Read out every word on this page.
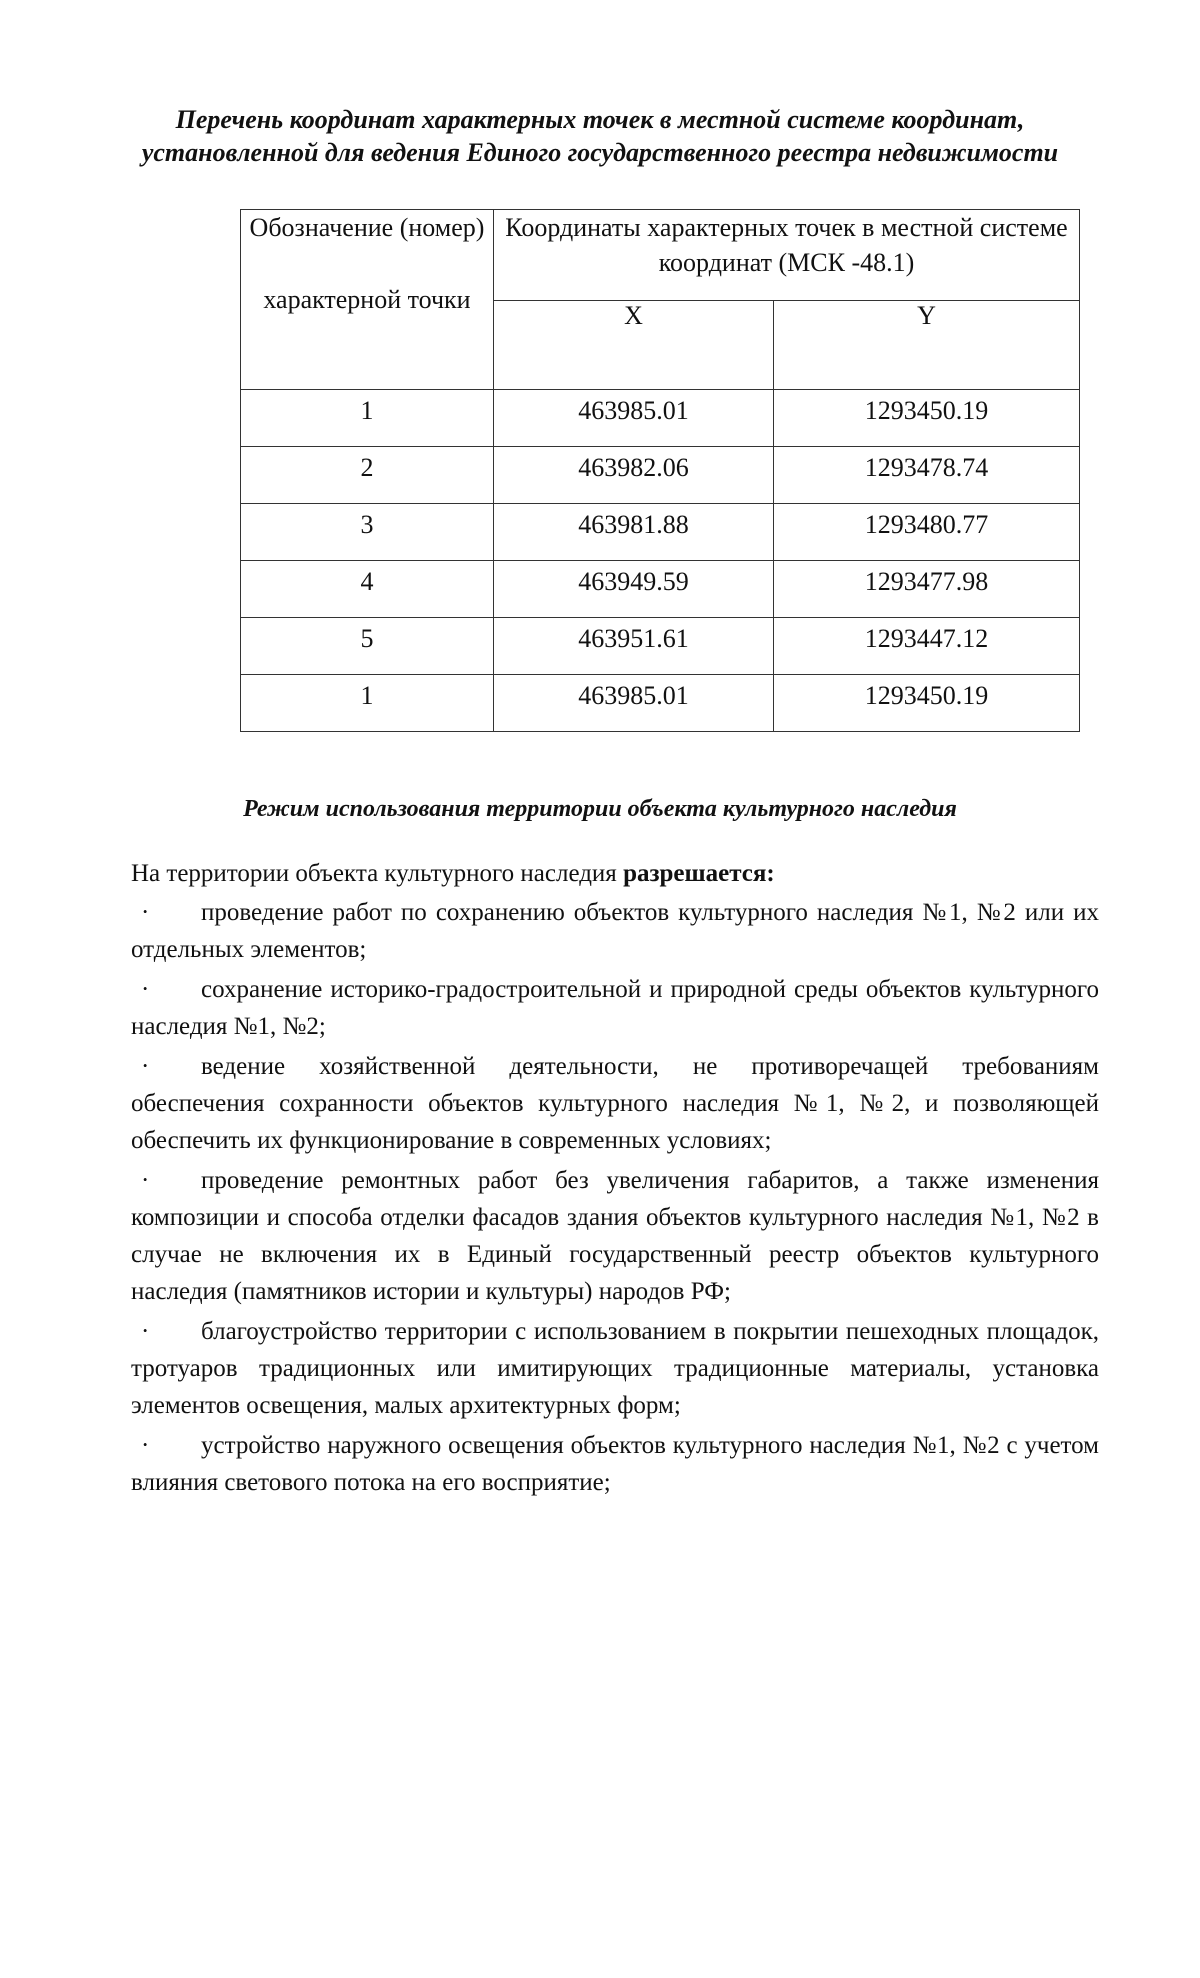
Перечень координат характерных точек в местной системе координат,
установленной для ведения Единого государственного реестра недвижимости
Обозначение (номер)
характерной точки	Координаты характерных точек в местной системе координат (МСК -48.1)	
	X	Y
1	463985.01	1293450.19
2	463982.06	1293478.74
3	463981.88	1293480.77
4	463949.59	1293477.98
5	463951.61	1293447.12
1	463985.01	1293450.19
Режим использования территории объекта культурного наследия
На территории объекта культурного наследия разрешается:
· проведение работ по сохранению объектов культурного наследия №1, №2 или их отдельных элементов;
· сохранение историко-градостроительной и природной среды объектов культурного наследия №1, №2;
· ведение хозяйственной деятельности, не противоречащей требованиям обеспечения сохранности объектов культурного наследия №1, №2, и позволяющей обеспечить их функционирование в современных условиях;
· проведение ремонтных работ без увеличения габаритов, а также изменения композиции и способа отделки фасадов здания объектов культурного наследия №1, №2 в случае не включения их в Единый государственный реестр объектов культурного наследия (памятников истории и культуры) народов РФ;
· благоустройство территории с использованием в покрытии пешеходных площадок, тротуаров традиционных или имитирующих традиционные материалы, установка элементов освещения, малых архитектурных форм;
· устройство наружного освещения объектов культурного наследия №1, №2 с учетом влияния светового потока на его восприятие;
